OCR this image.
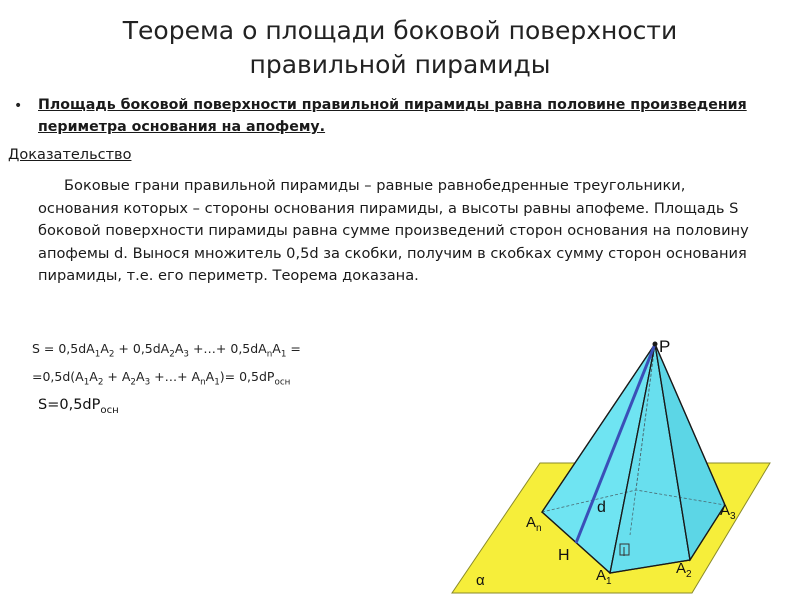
Теорема о площади боковой поверхности
правильной пирамиды
• Площадь боковой поверхности правильной пирамиды равна половине произведения периметра основания на апофему.
Доказательство
Боковые грани правильной пирамиды – равные равнобедренные треугольники, основания которых – стороны основания пирамиды, а высоты равны апофеме. Площадь S боковой поверхности пирамиды равна сумме произведений сторон основания на половину апофемы d. Вынося множитель 0,5d за скобки, получим в скобках сумму сторон основания пирамиды, т.е. его периметр. Теорема доказана.
$S = 0,5dA_1A_2 + 0,5dA_2A_3$ +…+ $0,5dA_nA_1$ =
$=0,5d(A_1A_2 + A_2A_3$ +…+ $A_nA_1)= 0,5dP_{осн}$
$S=0,5dP_{осн}$
P
d
H
α
$A_n$
$A_1$
$A_2$
$A_3$
